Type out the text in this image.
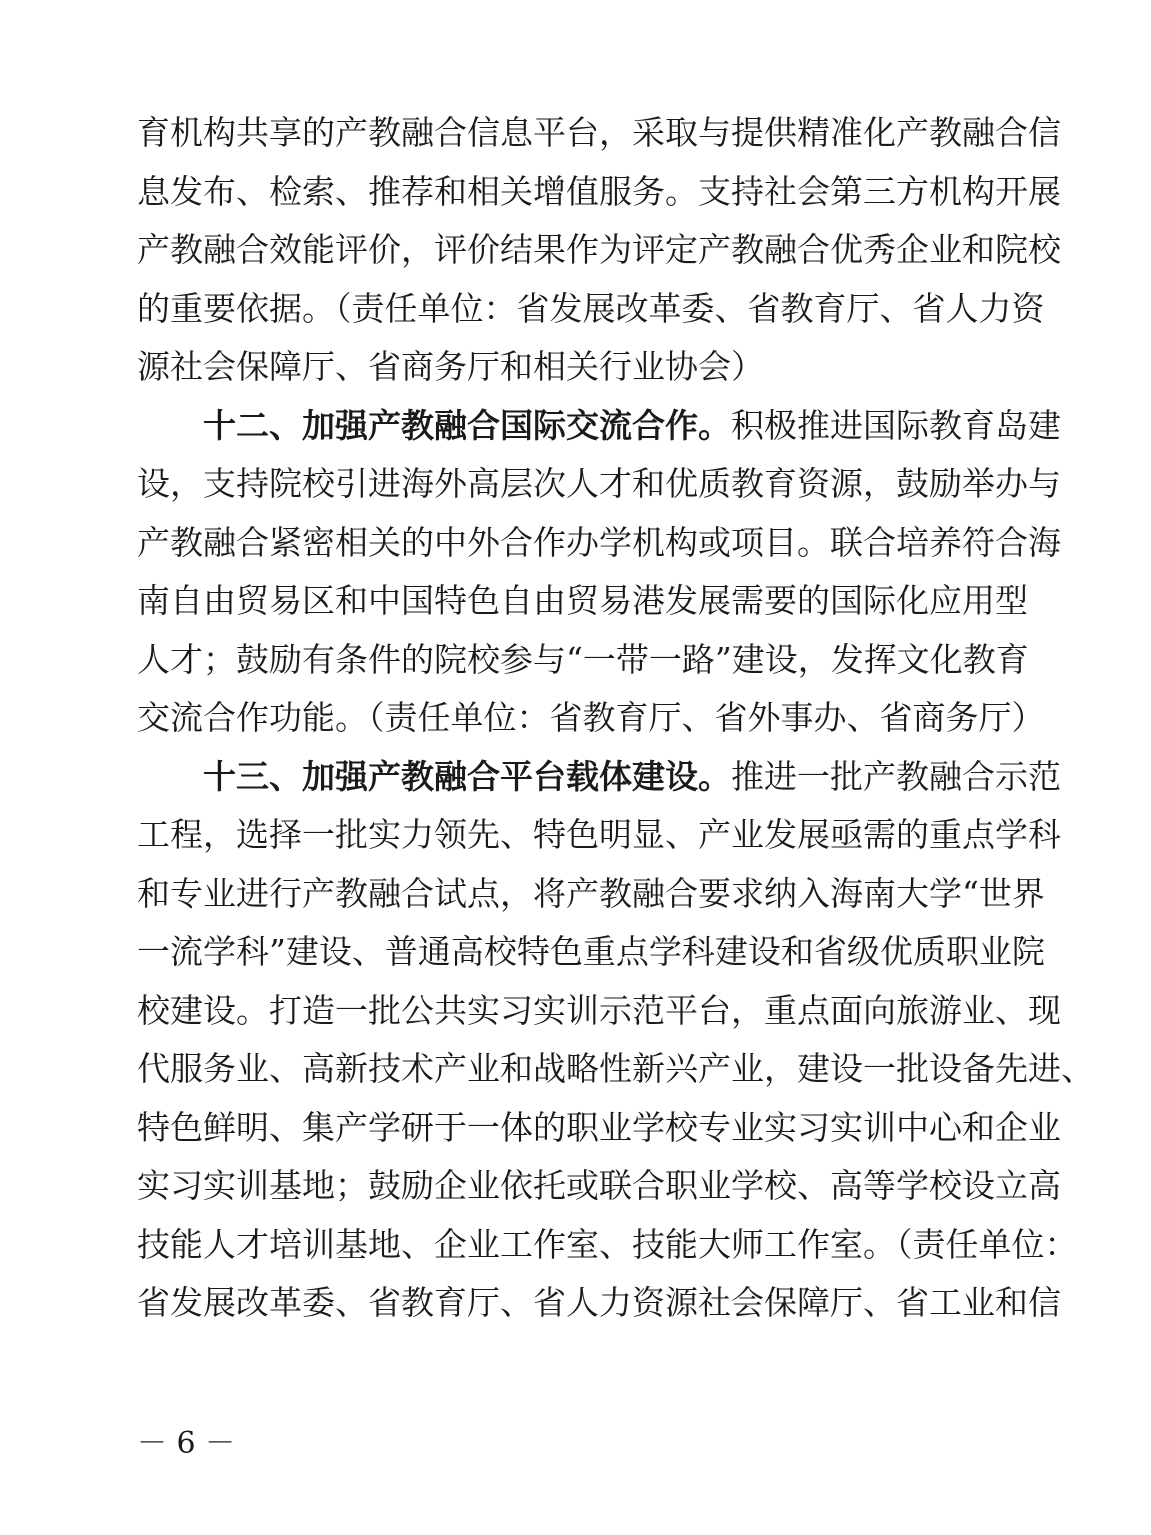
育机构共享的产教融合信息平台，采取与提供精准化产教融合信
息发布、检索、推荐和相关增值服务。支持社会第三方机构开展
产教融合效能评价，评价结果作为评定产教融合优秀企业和院校
的重要依据。（责任单位：省发展改革委、省教育厅、省人力资
源社会保障厅、省商务厅和相关行业协会）
十二、加强产教融合国际交流合作。积极推进国际教育岛建
设，支持院校引进海外高层次人才和优质教育资源，鼓励举办与
产教融合紧密相关的中外合作办学机构或项目。联合培养符合海
南自由贸易区和中国特色自由贸易港发展需要的国际化应用型
人才；鼓励有条件的院校参与“一带一路”建设，发挥文化教育
交流合作功能。（责任单位：省教育厅、省外事办、省商务厅）
十三、加强产教融合平台载体建设。推进一批产教融合示范
工程，选择一批实力领先、特色明显、产业发展亟需的重点学科
和专业进行产教融合试点，将产教融合要求纳入海南大学“世界
一流学科”建设、普通高校特色重点学科建设和省级优质职业院
校建设。打造一批公共实习实训示范平台，重点面向旅游业、现
代服务业、高新技术产业和战略性新兴产业，建设一批设备先进、
特色鲜明、集产学研于一体的职业学校专业实习实训中心和企业
实习实训基地；鼓励企业依托或联合职业学校、高等学校设立高
技能人才培训基地、企业工作室、技能大师工作室。（责任单位：
省发展改革委、省教育厅、省人力资源社会保障厅、省工业和信
－ 6 －
